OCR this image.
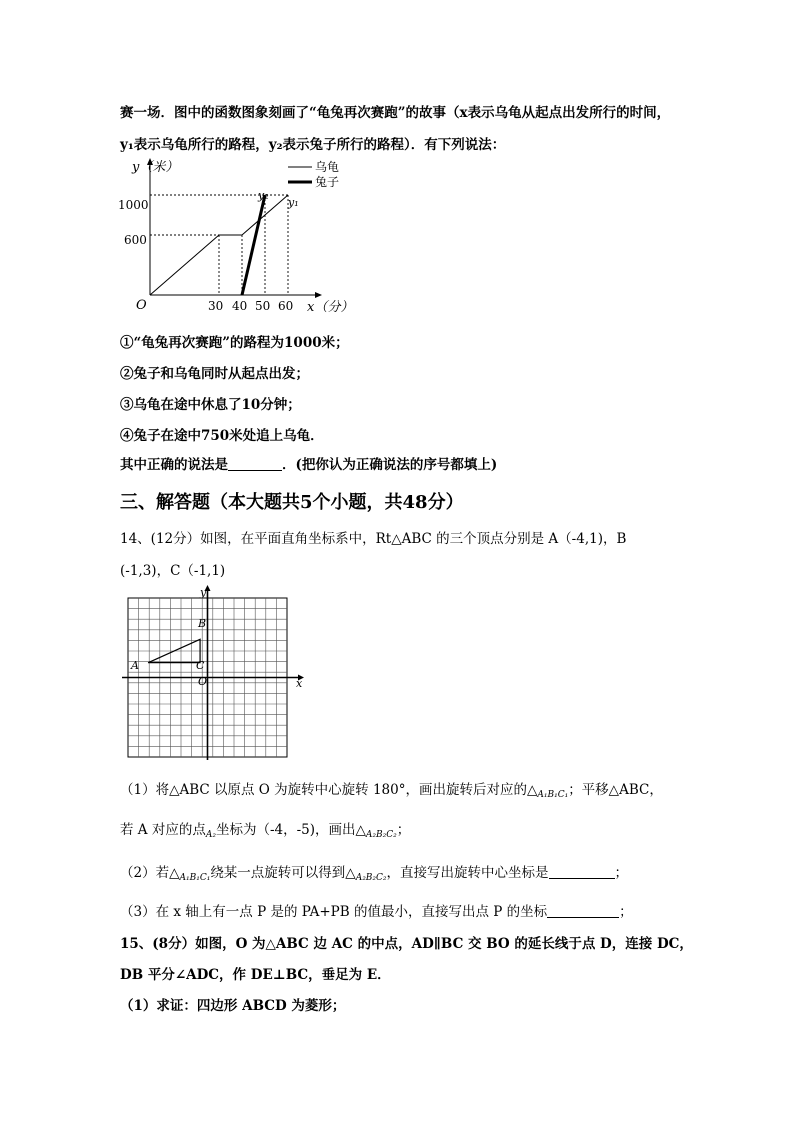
赛一场．图中的函数图象刻画了“龟兔再次赛跑”的故事（x表示乌龟从起点出发所行的时间，
y₁表示乌龟所行的路程，y₂表示兔子所行的路程）．有下列说法：
y（米）
x（分）
O
1000
600
30 40 50 60
乌龟
兔子
y₂
y₁
①“龟兔再次赛跑”的路程为1000米；
②兔子和乌龟同时从起点出发；
③乌龟在途中休息了10分钟；
④兔子在途中750米处追上乌龟．
其中正确的说法是	．(把你认为正确说法的序号都填上)
三、解答题（本大题共5个小题，共48分）
14、(12分）如图，在平面直角坐标系中，Rt△ABC 的三个顶点分别是 A（-4,1)，B
(-1,3)，C（-1,1)
y
x
O
A
B
C
（1）将△ABC 以原点 O 为旋转中心旋转 180°，画出旋转后对应的$\triangle_{A_1B_1C_1}$；平移△ABC，
若 A 对应的点$_{A_2}$坐标为（-4，-5)，画出$\triangle_{A_2B_2C_2}$；
（2）若$\triangle_{A_1B_1C_1}$绕某一点旋转可以得到$\triangle_{A_2B_2C_2}$，直接写出旋转中心坐标是	；
（3）在 x 轴上有一点 P 是的 PA+PB 的值最小，直接写出点 P 的坐标	；
15、(8分）如图，O 为△ABC 边 AC 的中点，AD∥BC 交 BO 的延长线于点 D，连接 DC，
DB 平分∠ADC，作 DE⊥BC，垂足为 E．
（1）求证：四边形 ABCD 为菱形；
